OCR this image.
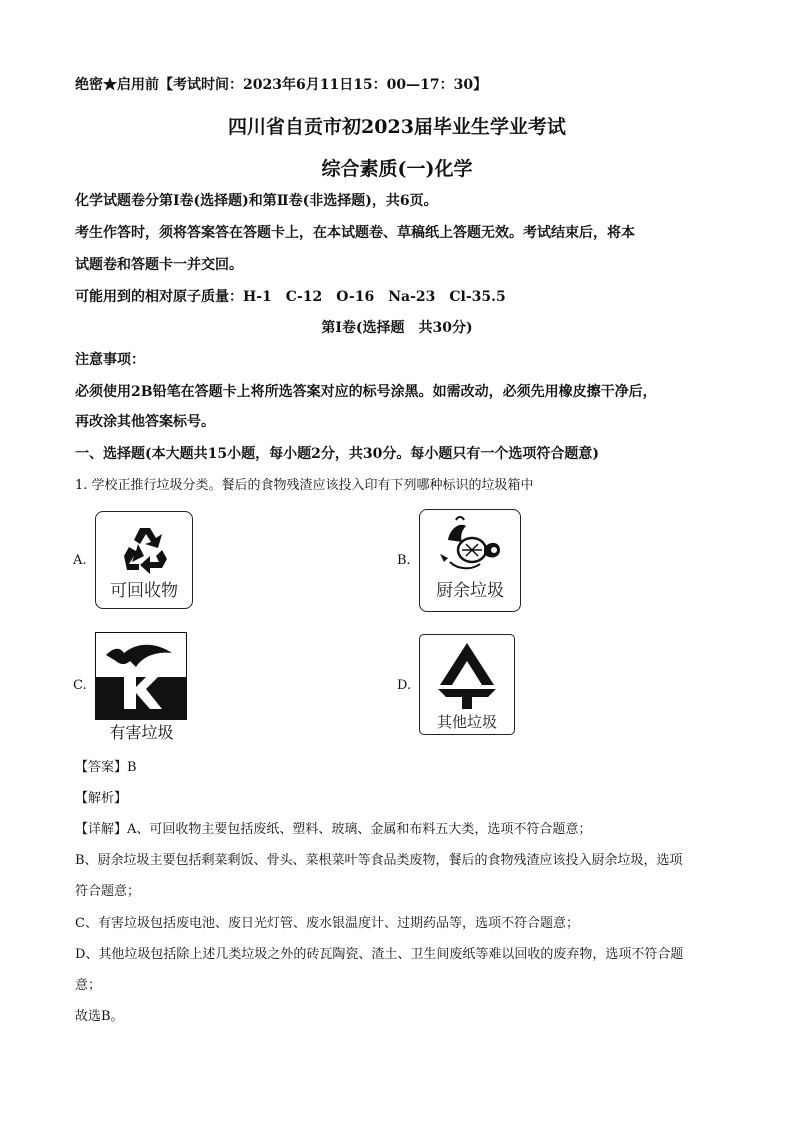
绝密★启用前【考试时间：2023年6月11日15：00—17：30】
四川省自贡市初2023届毕业生学业考试
综合素质(一)化学
化学试题卷分第Ⅰ卷(选择题)和第Ⅱ卷(非选择题)，共6页。
考生作答时，须将答案答在答题卡上，在本试题卷、草稿纸上答题无效。考试结束后，将本
试题卷和答题卡一并交回。
可能用到的相对原子质量：H-1　C-12　O-16　Na-23　Cl-35.5
第Ⅰ卷(选择题　共30分)
注意事项：
必须使用2B铅笔在答题卡上将所选答案对应的标号涂黑。如需改动，必须先用橡皮擦干净后，
再改涂其他答案标号。
一、选择题(本大题共15小题，每小题2分，共30分。每小题只有一个选项符合题意)
1. 学校正推行垃圾分类。餐后的食物残渣应该投入印有下列哪种标识的垃圾箱中
A.
可回收物
B.
厨余垃圾
C.
有害垃圾
D.
其他垃圾
【答案】B
【解析】
【详解】A、可回收物主要包括废纸、塑料、玻璃、金属和布料五大类，选项不符合题意；
B、厨余垃圾主要包括剩菜剩饭、骨头、菜根菜叶等食品类废物，餐后的食物残渣应该投入厨余垃圾，选项
符合题意；
C、有害垃圾包括废电池、废日光灯管、废水银温度计、过期药品等，选项不符合题意；
D、其他垃圾包括除上述几类垃圾之外的砖瓦陶瓷、渣土、卫生间废纸等难以回收的废弃物，选项不符合题
意；
故选B。
